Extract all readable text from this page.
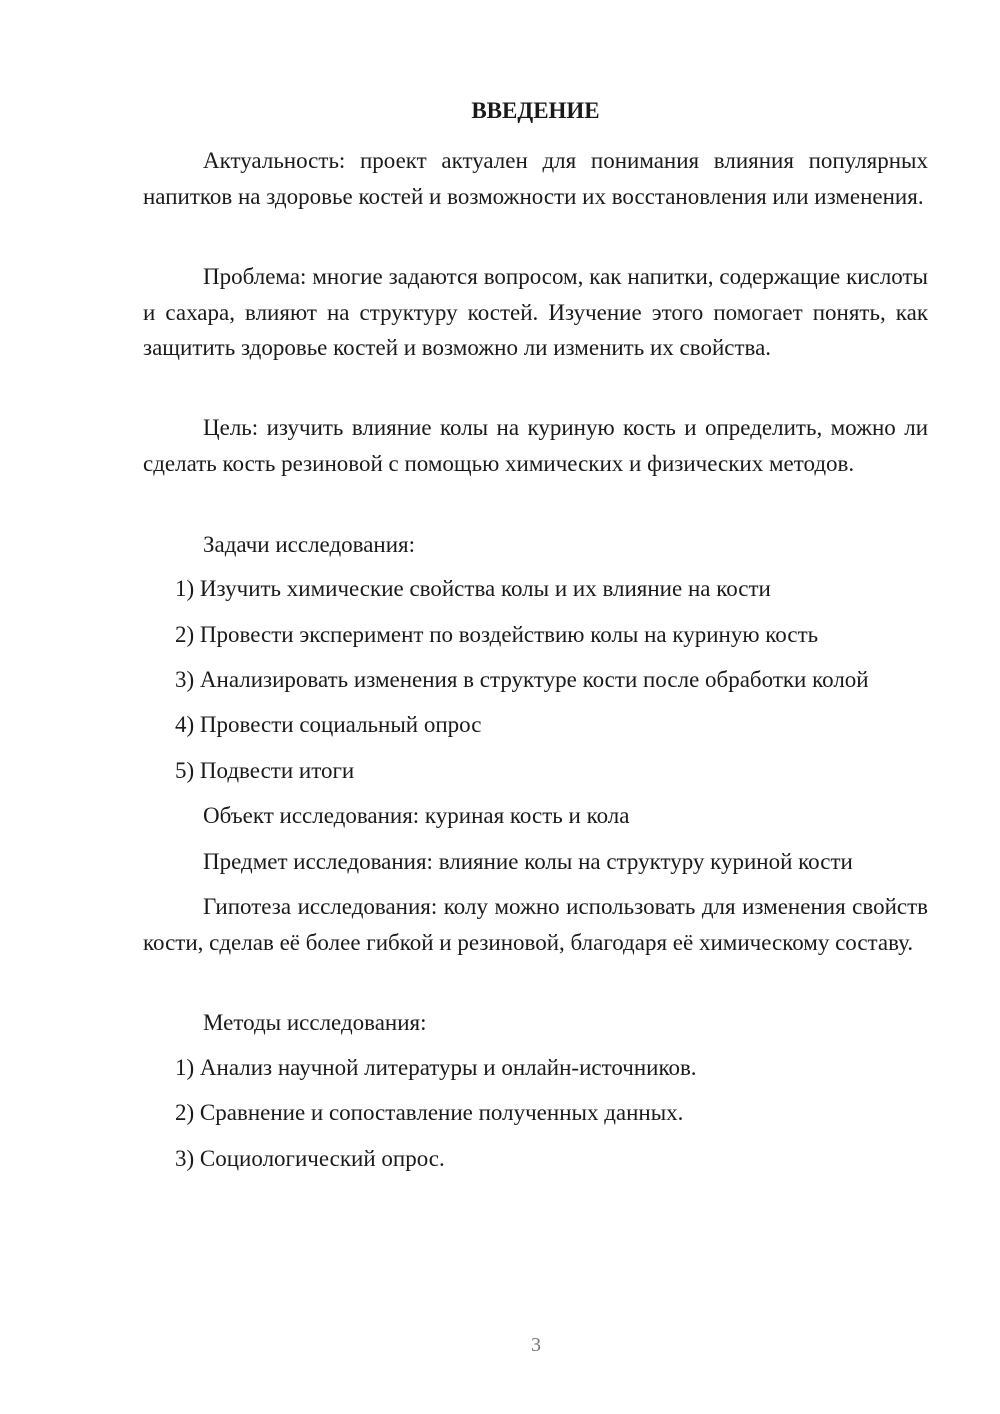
ВВЕДЕНИЕ

Актуальность: проект актуален для понимания влияния популярных напитков на здоровье костей и возможности их восстановления или изменения.

Проблема: многие задаются вопросом, как напитки, содержащие кислоты и сахара, влияют на структуру костей. Изучение этого помогает понять, как защитить здоровье костей и возможно ли изменить их свойства.

Цель: изучить влияние колы на куриную кость и определить, можно ли сделать кость резиновой с помощью химических и физических методов.

Задачи исследования:

1) Изучить химические свойства колы и их влияние на кости

2) Провести эксперимент по воздействию колы на куриную кость

3) Анализировать изменения в структуре кости после обработки колой

4) Провести социальный опрос

5) Подвести итоги

Объект исследования: куриная кость и кола

Предмет исследования: влияние колы на структуру куриной кости

Гипотеза исследования: колу можно использовать для изменения свойств кости, сделав её более гибкой и резиновой, благодаря её химическому составу.

Методы исследования:

1) Анализ научной литературы и онлайн-источников.

2) Сравнение и сопоставление полученных данных.

3) Социологический опрос.

3
